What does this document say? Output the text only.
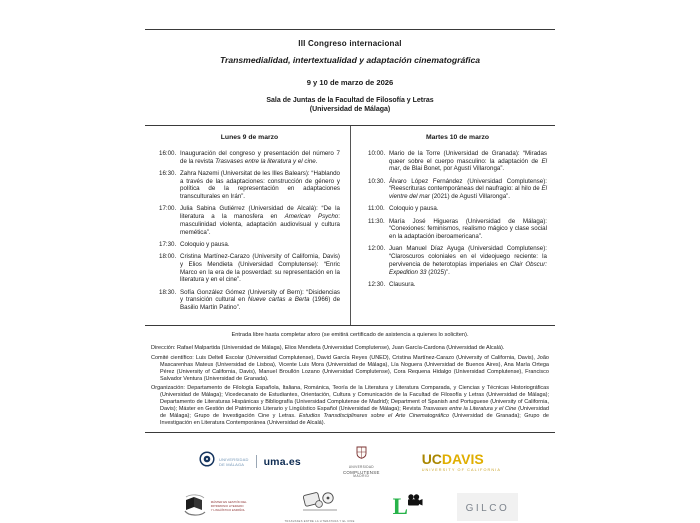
III Congreso internacional
Transmedialidad, intertextualidad y adaptación cinematográfica
9 y 10 de marzo de 2026
Sala de Juntas de la Facultad de Filosofía y Letras
(Universidad de Málaga)
Lunes 9 de marzo
16:00. Inauguración del congreso y presentación del número 7 de la revista Trasvases entre la literatura y el cine.
16:30. Zahra Nazemi (Universitat de les Illes Balears): “Hablando a través de las adaptaciones: construcción de género y política de la representación en adaptaciones transculturales en Irán”.
17:00. Julia Sabina Gutiérrez (Universidad de Alcalá): “De la literatura a la manosfera en American Psycho: masculinidad violenta, adaptación audiovisual y cultura memética”.
17:30. Coloquio y pausa.
18:00. Cristina Martínez-Carazo (University of California, Davis) y Elios Mendieta (Universidad Complutense): “Enric Marco en la era de la posverdad: su representación en la literatura y en el cine”.
18:30. Sofía González Gómez (University of Bern): “Disidencias y transición cultural en Nueve cartas a Berta (1966) de Basilio Martín Patino”.
Martes 10 de marzo
10:00. Mario de la Torre (Universidad de Granada): “Miradas queer sobre el cuerpo masculino: la adaptación de El mar, de Blai Bonet, por Agustí Villaronga”.
10:30. Álvaro López Fernández (Universidad Complutense): “Reescrituras contemporáneas del naufragio: al hilo de El vientre del mar (2021) de Agustí Villaronga”.
11:00. Coloquio y pausa.
11:30. María José Higueras (Universidad de Málaga): “Conexiones: feminismos, realismo mágico y clase social en la adaptación iberoamericana”.
12:00. Juan Manuel Díaz Ayuga (Universidad Complutense): “Claroscuros coloniales en el videojuego reciente: la pervivencia de heterotopías imperiales en Clair Obscur: Expedition 33 (2025)”.
12:30. Clausura.
Entrada libre hasta completar aforo (se emitirá certificado de asistencia a quienes lo soliciten).
Dirección: Rafael Malpartida (Universidad de Málaga), Elios Mendieta (Universidad Complutense), Juan García-Cardona (Universidad de Alcalá).
Comité científico: Luis Deltell Escolar (Universidad Complutense), David García Reyes (UNED), Cristina Martínez-Carazo (University of California, Davis), João Mascarenhas Mateus (Universidad de Lisboa), Vicente Luis Mora (Universidad de Málaga), Lía Noguera (Universidad de Buenos Aires), Ana María Ortega Pérez (University of California, Davis), Manuel Broullón Lozano (Universidad Complutense), Cora Requena Hidalgo (Universidad Complutense), Francisco Salvador Ventura (Universidad de Granada).
Organización: Departamento de Filología Española, Italiana, Románica, Teoría de la Literatura y Literatura Comparada, y Ciencias y Técnicas Historiográficas (Universidad de Málaga); Vicedecanato de Estudiantes, Orientación, Cultura y Comunicación de la Facultad de Filosofía y Letras (Universidad de Málaga); Departamento de Literaturas Hispánicas y Bibliografía (Universidad Complutense de Madrid); Department of Spanish and Portuguese (University of California, Davis); Máster en Gestión del Patrimonio Literario y Lingüístico Español (Universidad de Málaga); Revista Trasvases entre la Literatura y el Cine (Universidad de Málaga); Grupo de Investigación Cine y Letras. Estudios Transdisciplinares sobre el Arte Cinematográfico (Universidad de Granada); Grupo de Investigación en Literatura Contemporánea (Universidad de Alcalá).
UNIVERSIDAD
DE MÁLAGA	uma.es	UNIVERSIDAD
COMPLUTENSE
MADRID
UCDAVIS
UNIVERSITY OF CALIFORNIA
MÁSTER EN GESTIÓN DEL
PATRIMONIO LITERARIO
Y LINGÜÍSTICO ESPAÑOL
TRASVASES ENTRE LA LITERATURA Y EL CINE
L	GILCO
